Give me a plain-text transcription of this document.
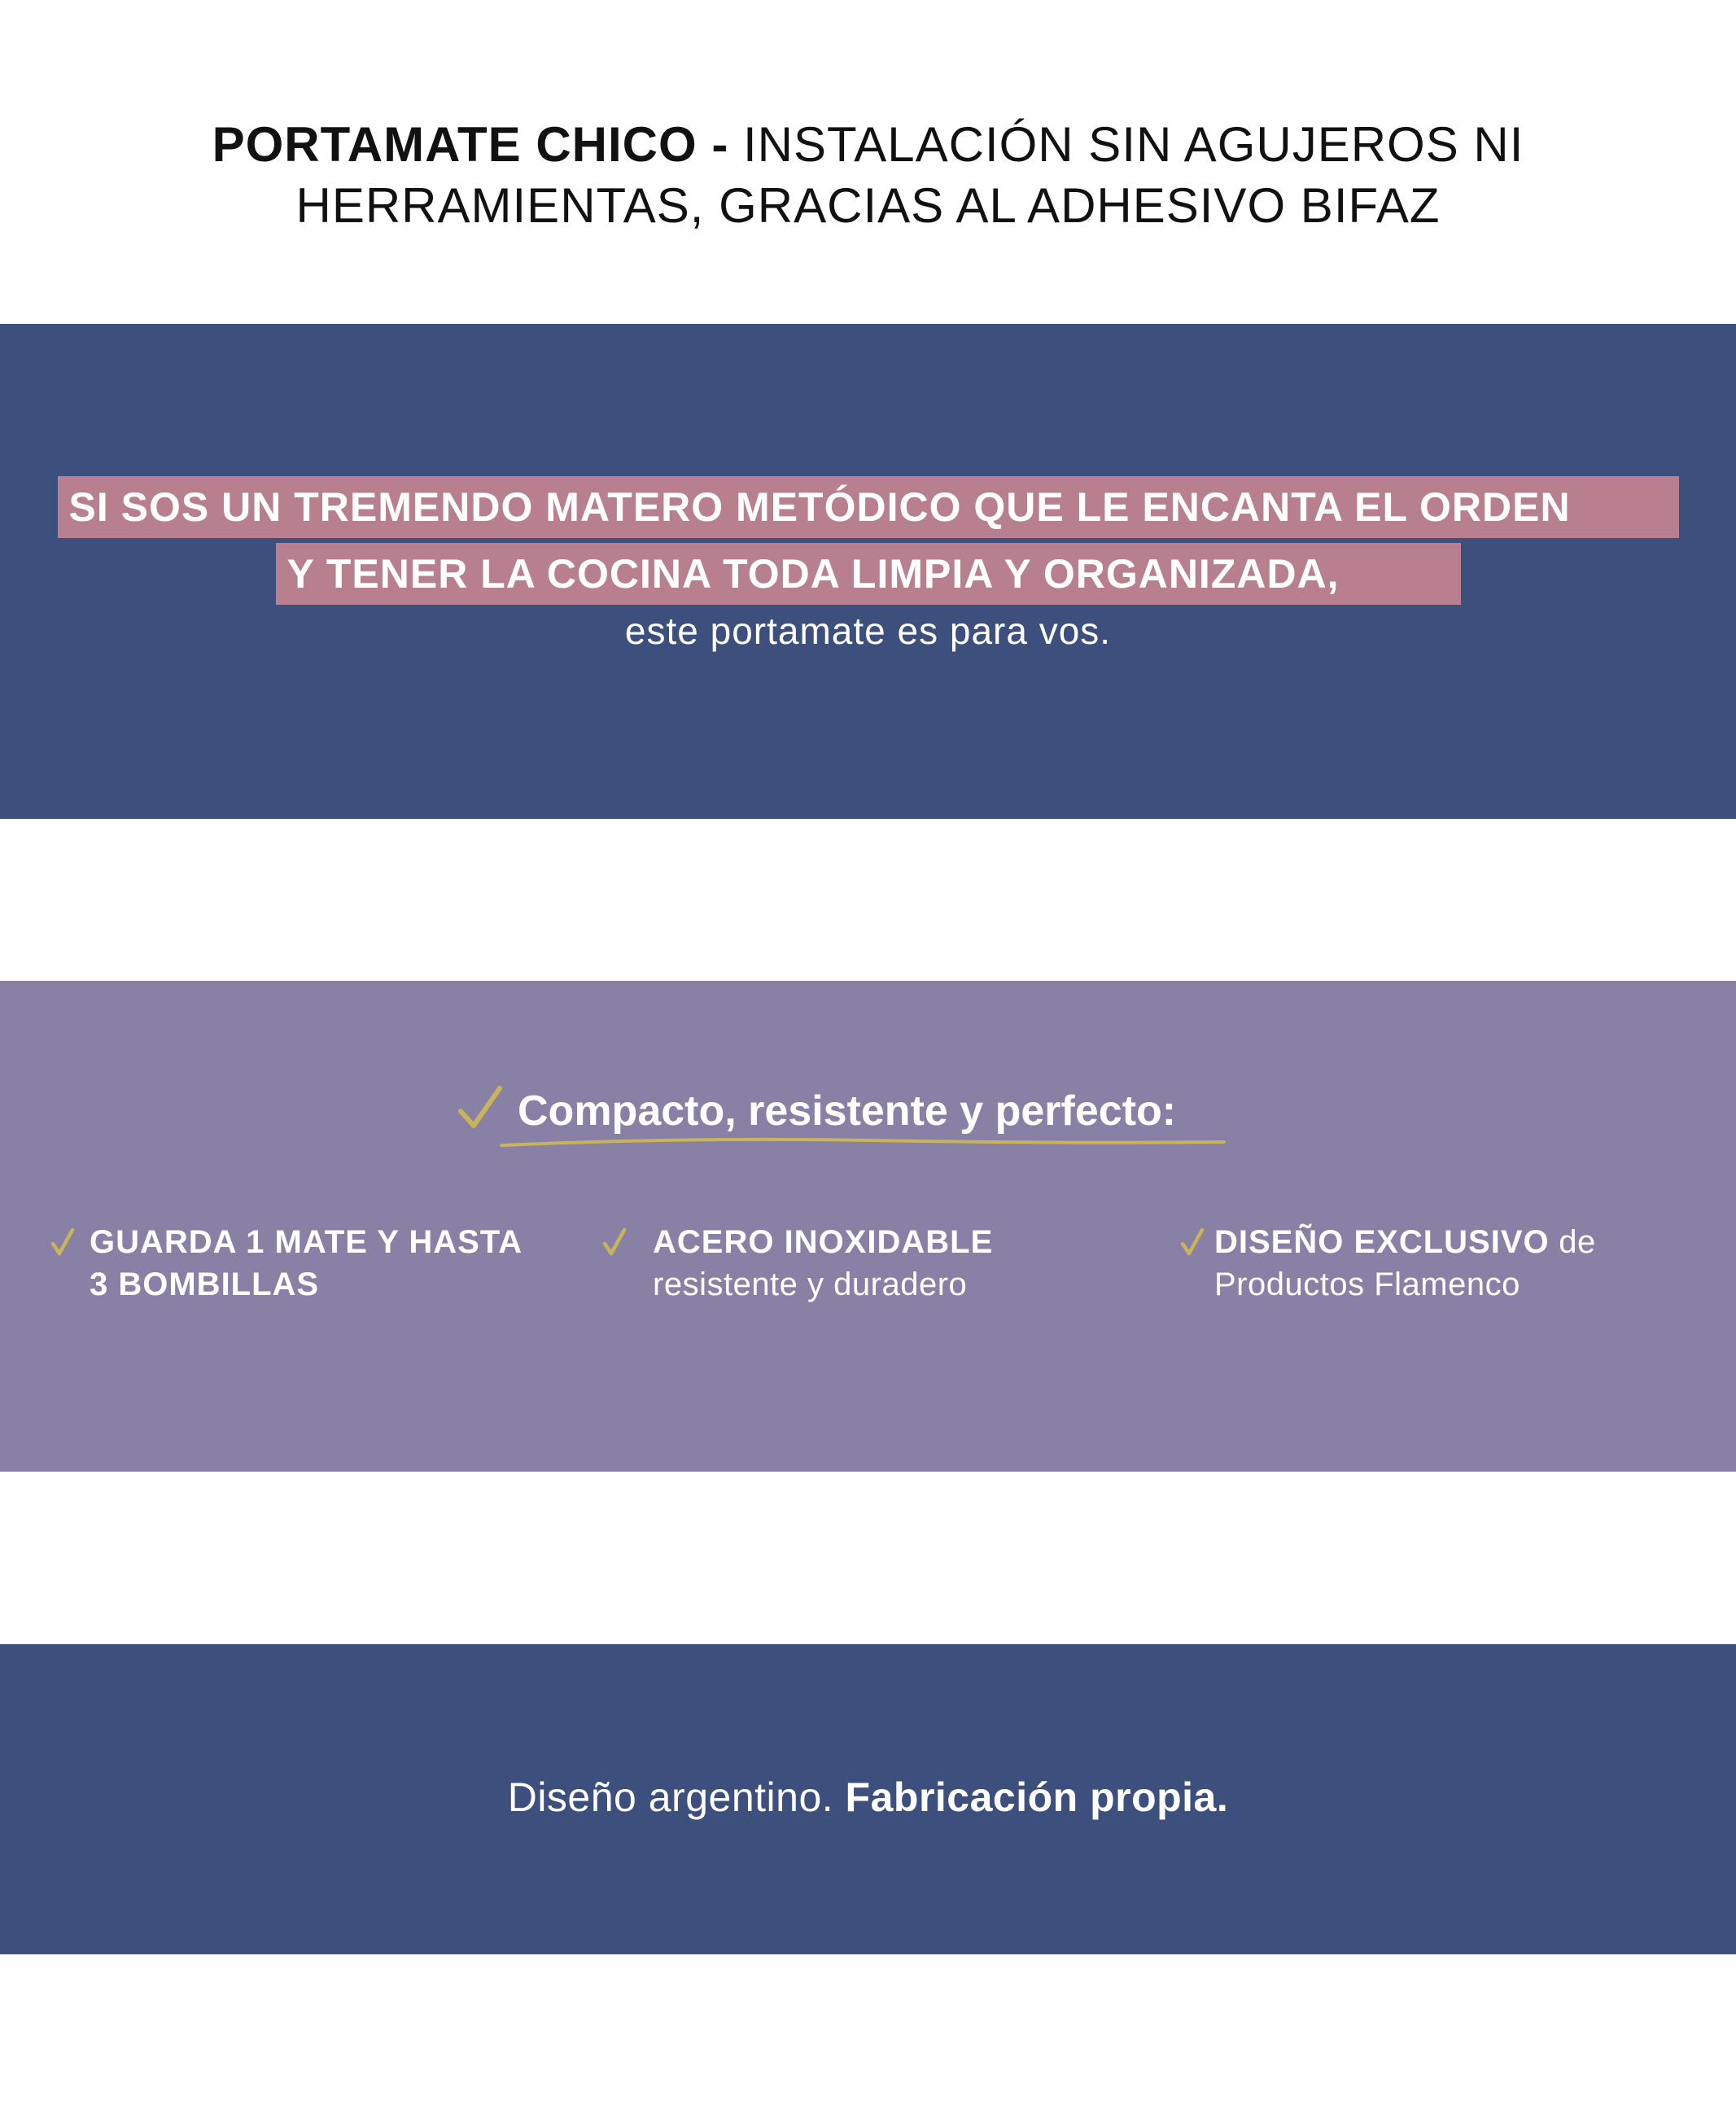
PORTAMATE CHICO - INSTALACIÓN SIN AGUJEROS NI
HERRAMIENTAS, GRACIAS AL ADHESIVO BIFAZ
SI SOS UN TREMENDO MATERO METÓDICO QUE LE ENCANTA EL ORDEN
Y TENER LA COCINA TODA LIMPIA Y ORGANIZADA,
este portamate es para vos.
Compacto, resistente y perfecto:
GUARDA 1 MATE Y HASTA
3 BOMBILLAS
ACERO INOXIDABLE
resistente y duradero
DISEÑO EXCLUSIVO de
Productos Flamenco
Diseño argentino. Fabricación propia.
